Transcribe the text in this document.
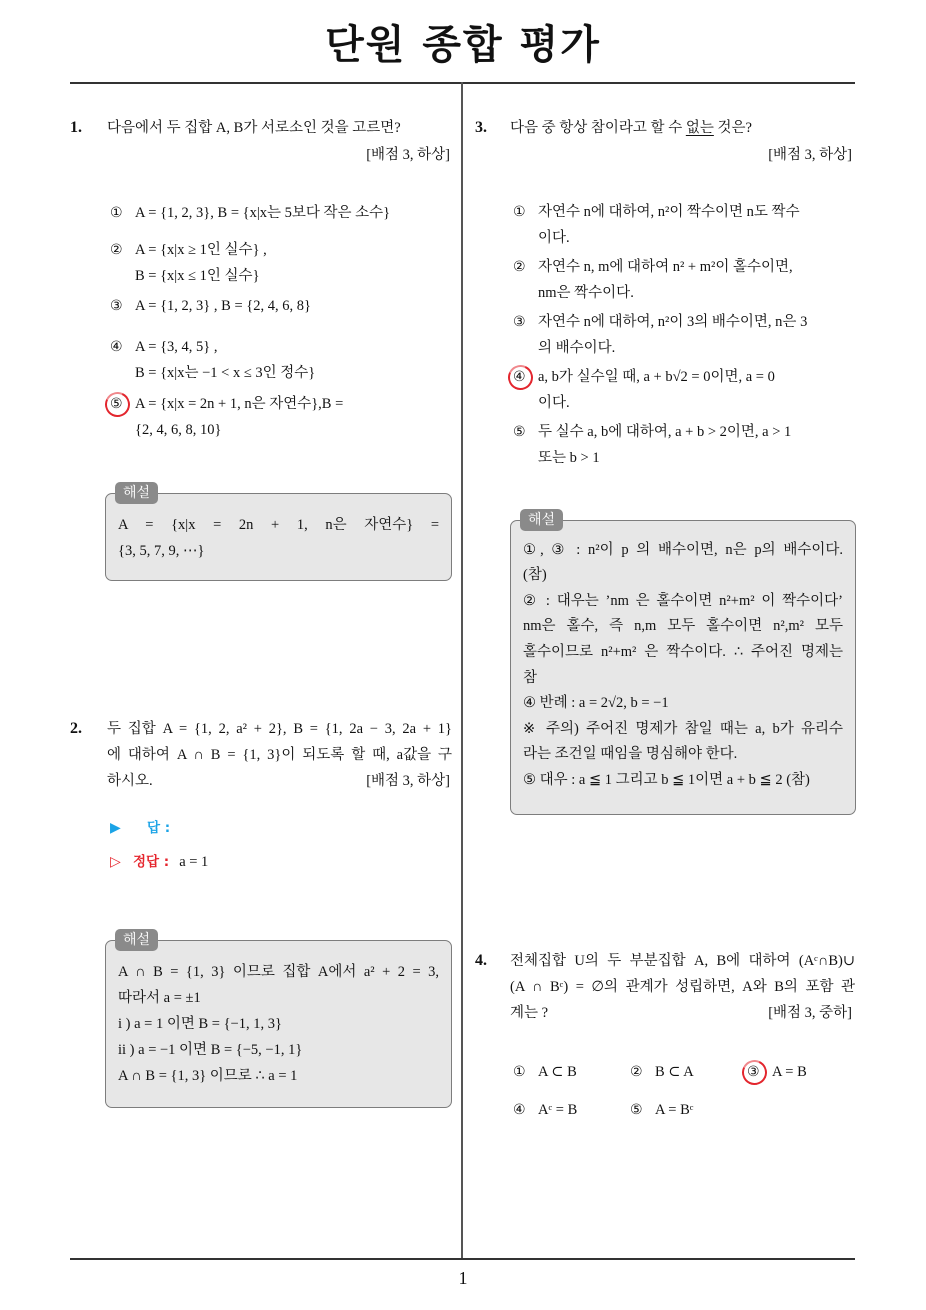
단원 종합 평가
1
1. 다음에서 두 집합 A, B가 서로소인 것을 고르면?
[배점 3, 하상]
① A = {1, 2, 3}, B = {x|x는 5보다 작은 소수}
② A = {x|x ≥ 1인 실수} ,
B = {x|x ≤ 1인 실수}
③ A = {1, 2, 3} , B = {2, 4, 6, 8}
④ A = {3, 4, 5} ,
B = {x|x는 −1 < x ≤ 3인 정수}
⑤ A = {x|x = 2n + 1, n은 자연수},B =
{2, 4, 6, 8, 10}
해설
A = {x|x = 2n + 1, n은 자연수} =
{3, 5, 7, 9, ⋯}
2. 두 집합 A = {1, 2, a² + 2}, B = {1, 2a − 3, 2a + 1}
에 대하여 A ∩ B = {1, 3}이 되도록 할 때, a값을 구
하시오.	[배점 3, 하상]
▶ 답 :
▷ 정답 : a = 1
해설
A ∩ B = {1, 3} 이므로 집합 A에서 a² + 2 = 3,
따라서 a = ±1
i ) a = 1 이면 B = {−1, 1, 3}
ii ) a = −1 이면 B = {−5, −1, 1}
A ∩ B = {1, 3} 이므로 ∴ a = 1
3. 다음 중 항상 참이라고 할 수 없는 것은?
[배점 3, 하상]
① 자연수 n에 대하여, n²이 짝수이면 n도 짝수
이다.
② 자연수 n, m에 대하여 n² + m²이 홀수이면,
nm은 짝수이다.
③ 자연수 n에 대하여, n²이 3의 배수이면, n은 3
의 배수이다.
④ a, b가 실수일 때, a + b√2 = 0이면, a = 0
이다.
⑤ 두 실수 a, b에 대하여, a + b > 2이면, a > 1
또는 b > 1
해설
①, ③ : n²이 p 의 배수이면, n은 p의 배수이다.
(참)
② : 대우는 ’nm 은 홀수이면 n²+m² 이 짝수이다’
nm은 홀수, 즉 n,m 모두 홀수이면 n²,m² 모두
홀수이므로 n²+m² 은 짝수이다. ∴ 주어진 명제는
참
④ 반례 : a = 2√2, b = −1
※ 주의) 주어진 명제가 참일 때는 a, b가 유리수
라는 조건일 때임을 명심해야 한다.
⑤ 대우 : a ≦ 1 그리고 b ≦ 1이면 a + b ≦ 2 (참)
4. 전체집합 U의 두 부분집합 A, B에 대하여 (Aᶜ∩B)∪
(A ∩ Bᶜ) = ∅의 관계가 성립하면, A와 B의 포함 관
계는 ?	[배점 3, 중하]
① A ⊂ B	② B ⊂ A	③ A = B
④ Aᶜ = B	⑤ A = Bᶜ
